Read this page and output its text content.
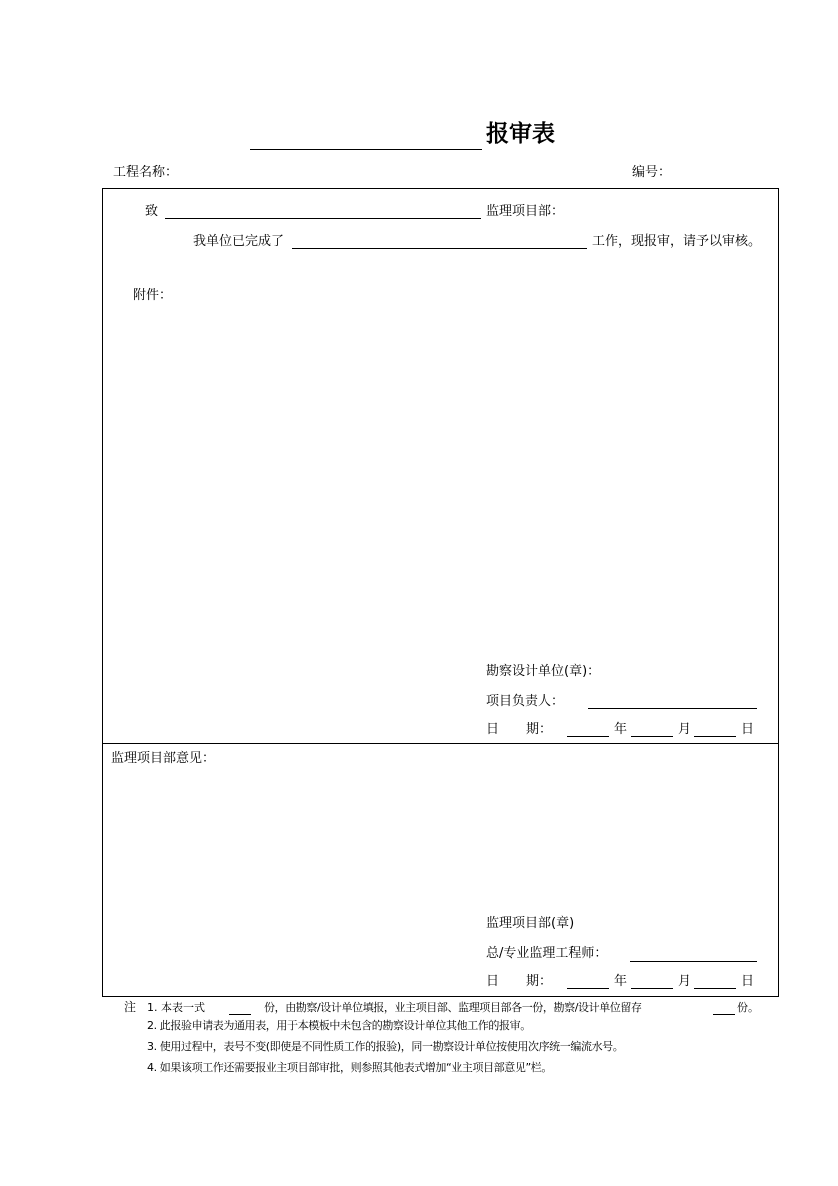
报审表
工程名称：	编号：
致	监理项目部：
我单位已完成了	工作，现报审，请予以审核。
附件：
勘察设计单位(章)：
项目负责人：
日 期：	年	月	日
监理项目部意见：
监理项目部(章)
总/专业监理工程师：
日 期：	年	月	日
注 1. 本表一式	份，由勘察/设计单位填报，业主项目部、监理项目部各一份，勘察/设计单位留存	份。
2. 此报验申请表为通用表，用于本模板中未包含的勘察设计单位其他工作的报审。
3. 使用过程中，表号不变(即使是不同性质工作的报验)，同一勘察设计单位按使用次序统一编流水号。
4. 如果该项工作还需要报业主项目部审批，则参照其他表式增加“业主项目部意见”栏。
